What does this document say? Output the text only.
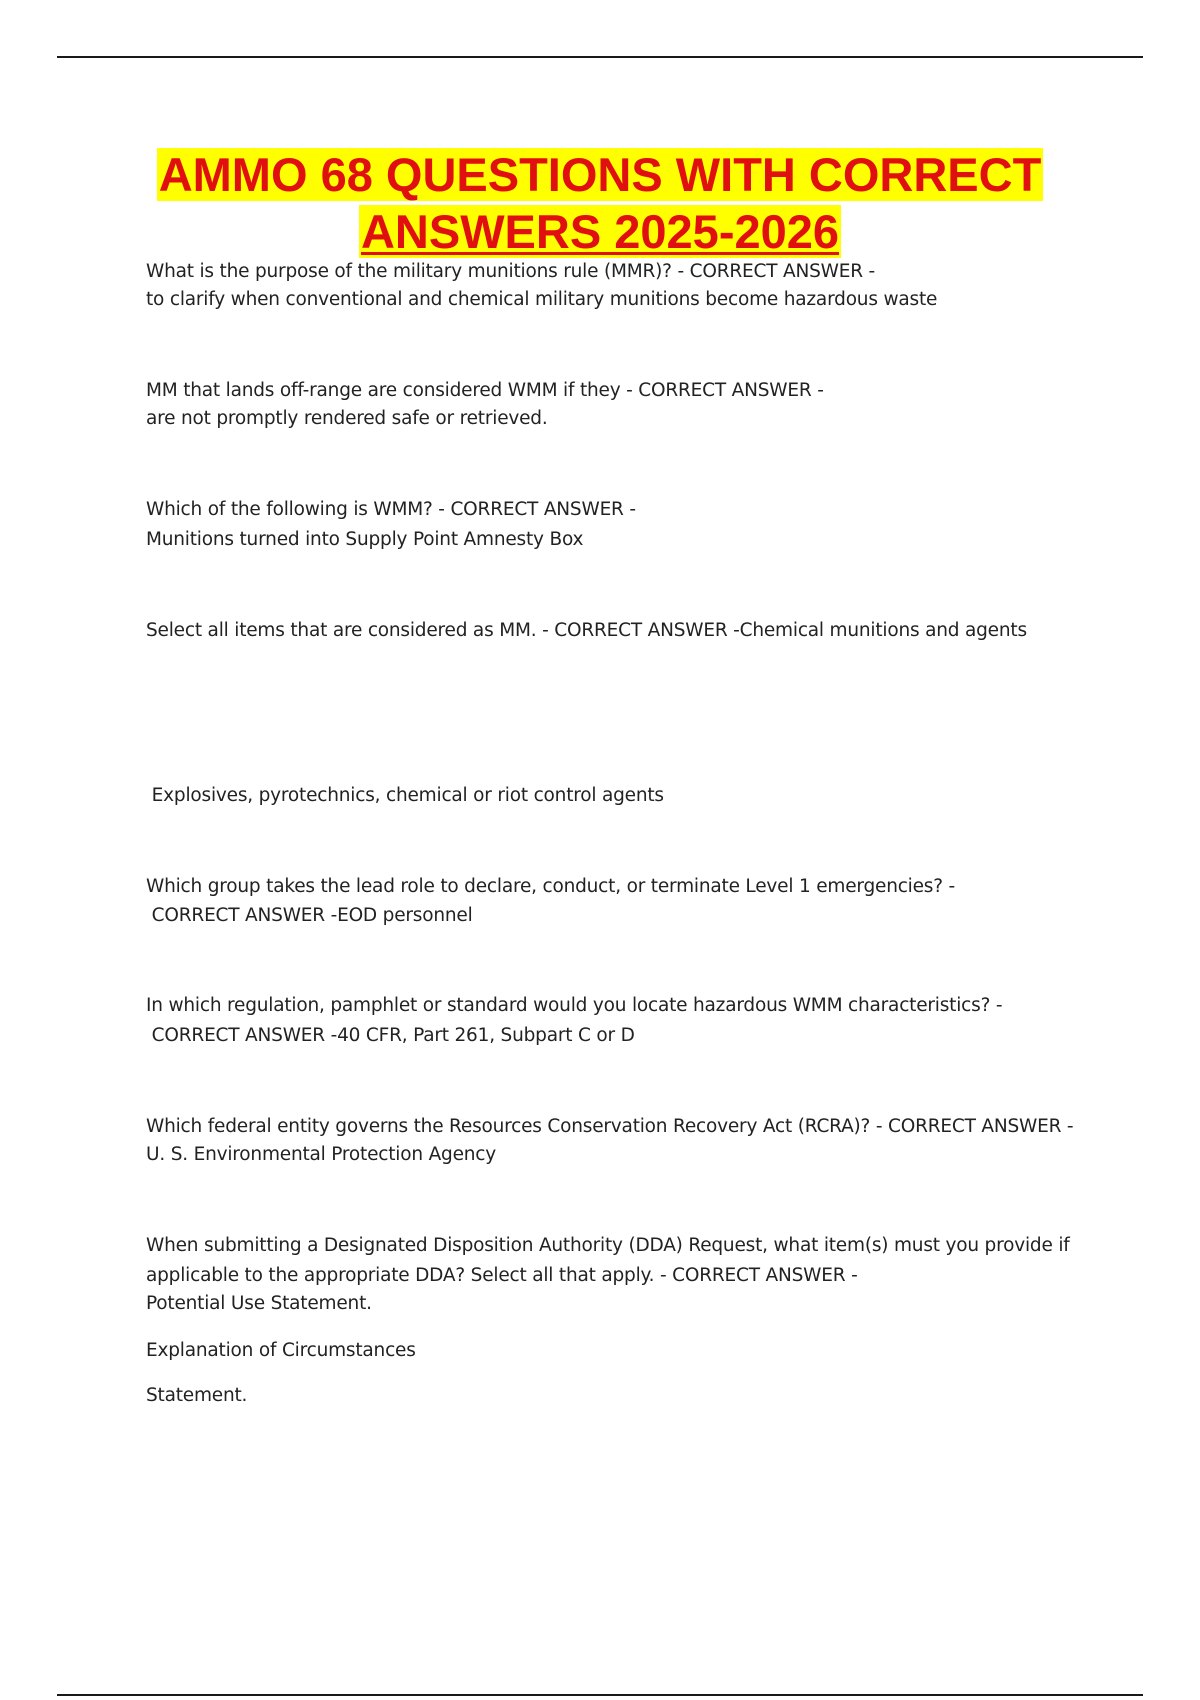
AMMO 68 QUESTIONS WITH CORRECT
ANSWERS 2025-2026

What is the purpose of the military munitions rule (MMR)? - CORRECT ANSWER -

to clarify when conventional and chemical military munitions become hazardous waste

MM that lands off-range are considered WMM if they - CORRECT ANSWER -

are not promptly rendered safe or retrieved.

Which of the following is WMM? - CORRECT ANSWER -

Munitions turned into Supply Point Amnesty Box

Select all items that are considered as MM. - CORRECT ANSWER -Chemical munitions and agents

Explosives, pyrotechnics, chemical or riot control agents

Which group takes the lead role to declare, conduct, or terminate Level 1 emergencies? -

CORRECT ANSWER -EOD personnel

In which regulation, pamphlet or standard would you locate hazardous WMM characteristics? -

CORRECT ANSWER -40 CFR, Part 261, Subpart C or D

Which federal entity governs the Resources Conservation Recovery Act (RCRA)? - CORRECT ANSWER -

U. S. Environmental Protection Agency

When submitting a Designated Disposition Authority (DDA) Request, what item(s) must you provide if

applicable to the appropriate DDA? Select all that apply. - CORRECT ANSWER -

Potential Use Statement.

Explanation of Circumstances

Statement.
